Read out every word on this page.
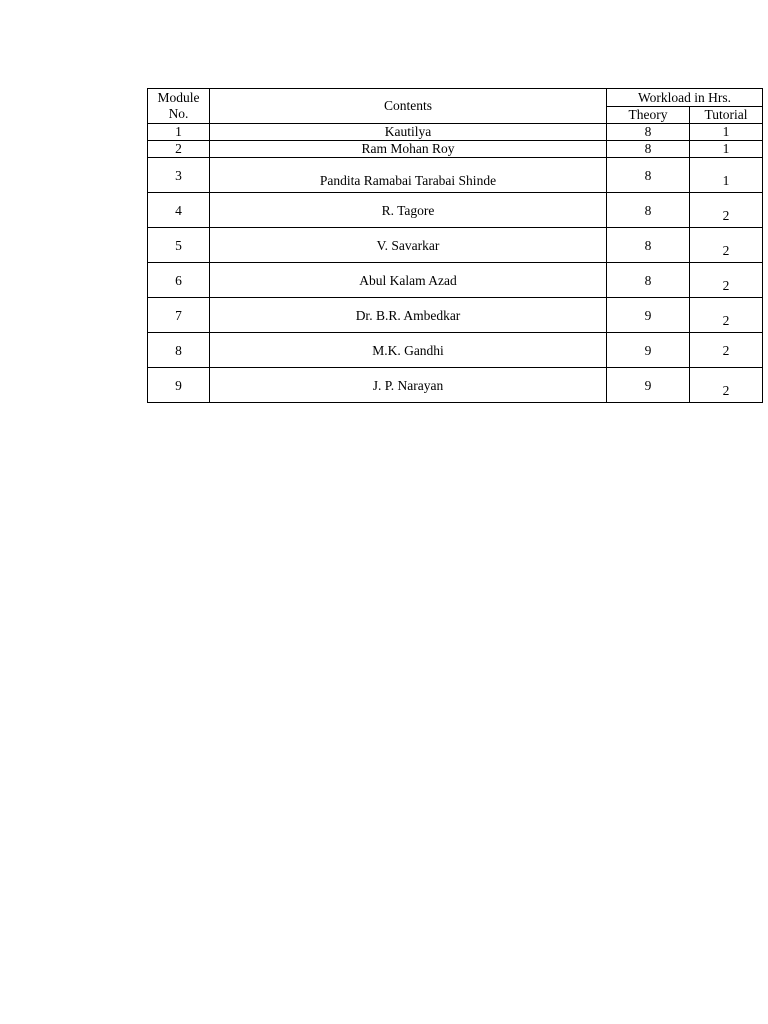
Module
No.	Contents	Workload in Hrs.	
		Theory	Tutorial
1	Kautilya	8	1
2	Ram Mohan Roy	8	1
3	Pandita Ramabai Tarabai Shinde	8	1
4	R. Tagore	8	2
5	V. Savarkar	8	2
6	Abul Kalam Azad	8	2
7	Dr. B.R. Ambedkar	9	2
8	M.K. Gandhi	9	2
9	J. P. Narayan	9	2
